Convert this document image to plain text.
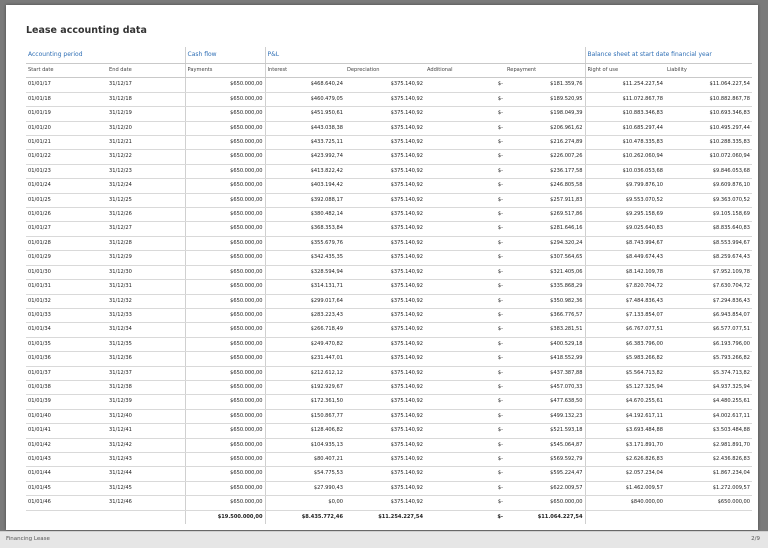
Lease accounting data
Accounting period		Cash flow	P&L				Balance sheet at start date financial year	
Start date	End date	Payments	Interest	Depreciation	Additional	Repayment	Right of use	Liability
01/01/17	31/12/17	$650.000,00	$468.640,24	$375.140,92	$-	$181.359,76	$11.254.227,54	$11.064.227,54
01/01/18	31/12/18	$650.000,00	$460.479,05	$375.140,92	$-	$189.520,95	$11.072.867,78	$10.882.867,78
01/01/19	31/12/19	$650.000,00	$451.950,61	$375.140,92	$-	$198.049,39	$10.883.346,83	$10.693.346,83
01/01/20	31/12/20	$650.000,00	$443.038,38	$375.140,92	$-	$206.961,62	$10.685.297,44	$10.495.297,44
01/01/21	31/12/21	$650.000,00	$433.725,11	$375.140,92	$-	$216.274,89	$10.478.335,83	$10.288.335,83
01/01/22	31/12/22	$650.000,00	$423.992,74	$375.140,92	$-	$226.007,26	$10.262.060,94	$10.072.060,94
01/01/23	31/12/23	$650.000,00	$413.822,42	$375.140,92	$-	$236.177,58	$10.036.053,68	$9.846.053,68
01/01/24	31/12/24	$650.000,00	$403.194,42	$375.140,92	$-	$246.805,58	$9.799.876,10	$9.609.876,10
01/01/25	31/12/25	$650.000,00	$392.088,17	$375.140,92	$-	$257.911,83	$9.553.070,52	$9.363.070,52
01/01/26	31/12/26	$650.000,00	$380.482,14	$375.140,92	$-	$269.517,86	$9.295.158,69	$9.105.158,69
01/01/27	31/12/27	$650.000,00	$368.353,84	$375.140,92	$-	$281.646,16	$9.025.640,83	$8.835.640,83
01/01/28	31/12/28	$650.000,00	$355.679,76	$375.140,92	$-	$294.320,24	$8.743.994,67	$8.553.994,67
01/01/29	31/12/29	$650.000,00	$342.435,35	$375.140,92	$-	$307.564,65	$8.449.674,43	$8.259.674,43
01/01/30	31/12/30	$650.000,00	$328.594,94	$375.140,92	$-	$321.405,06	$8.142.109,78	$7.952.109,78
01/01/31	31/12/31	$650.000,00	$314.131,71	$375.140,92	$-	$335.868,29	$7.820.704,72	$7.630.704,72
01/01/32	31/12/32	$650.000,00	$299.017,64	$375.140,92	$-	$350.982,36	$7.484.836,43	$7.294.836,43
01/01/33	31/12/33	$650.000,00	$283.223,43	$375.140,92	$-	$366.776,57	$7.133.854,07	$6.943.854,07
01/01/34	31/12/34	$650.000,00	$266.718,49	$375.140,92	$-	$383.281,51	$6.767.077,51	$6.577.077,51
01/01/35	31/12/35	$650.000,00	$249.470,82	$375.140,92	$-	$400.529,18	$6.383.796,00	$6.193.796,00
01/01/36	31/12/36	$650.000,00	$231.447,01	$375.140,92	$-	$418.552,99	$5.983.266,82	$5.793.266,82
01/01/37	31/12/37	$650.000,00	$212.612,12	$375.140,92	$-	$437.387,88	$5.564.713,82	$5.374.713,82
01/01/38	31/12/38	$650.000,00	$192.929,67	$375.140,92	$-	$457.070,33	$5.127.325,94	$4.937.325,94
01/01/39	31/12/39	$650.000,00	$172.361,50	$375.140,92	$-	$477.638,50	$4.670.255,61	$4.480.255,61
01/01/40	31/12/40	$650.000,00	$150.867,77	$375.140,92	$-	$499.132,23	$4.192.617,11	$4.002.617,11
01/01/41	31/12/41	$650.000,00	$128.406,82	$375.140,92	$-	$521.593,18	$3.693.484,88	$3.503.484,88
01/01/42	31/12/42	$650.000,00	$104.935,13	$375.140,92	$-	$545.064,87	$3.171.891,70	$2.981.891,70
01/01/43	31/12/43	$650.000,00	$80.407,21	$375.140,92	$-	$569.592,79	$2.626.826,83	$2.436.826,83
01/01/44	31/12/44	$650.000,00	$54.775,53	$375.140,92	$-	$595.224,47	$2.057.234,04	$1.867.234,04
01/01/45	31/12/45	$650.000,00	$27.990,43	$375.140,92	$-	$622.009,57	$1.462.009,57	$1.272.009,57
01/01/46	31/12/46	$650.000,00	$0,00	$375.140,92	$-	$650.000,00	$840.000,00	$650.000,00
		$19.500.000,00	$8.435.772,46	$11.254.227,54	$-	$11.064.227,54		
Financing Lease	2/9
